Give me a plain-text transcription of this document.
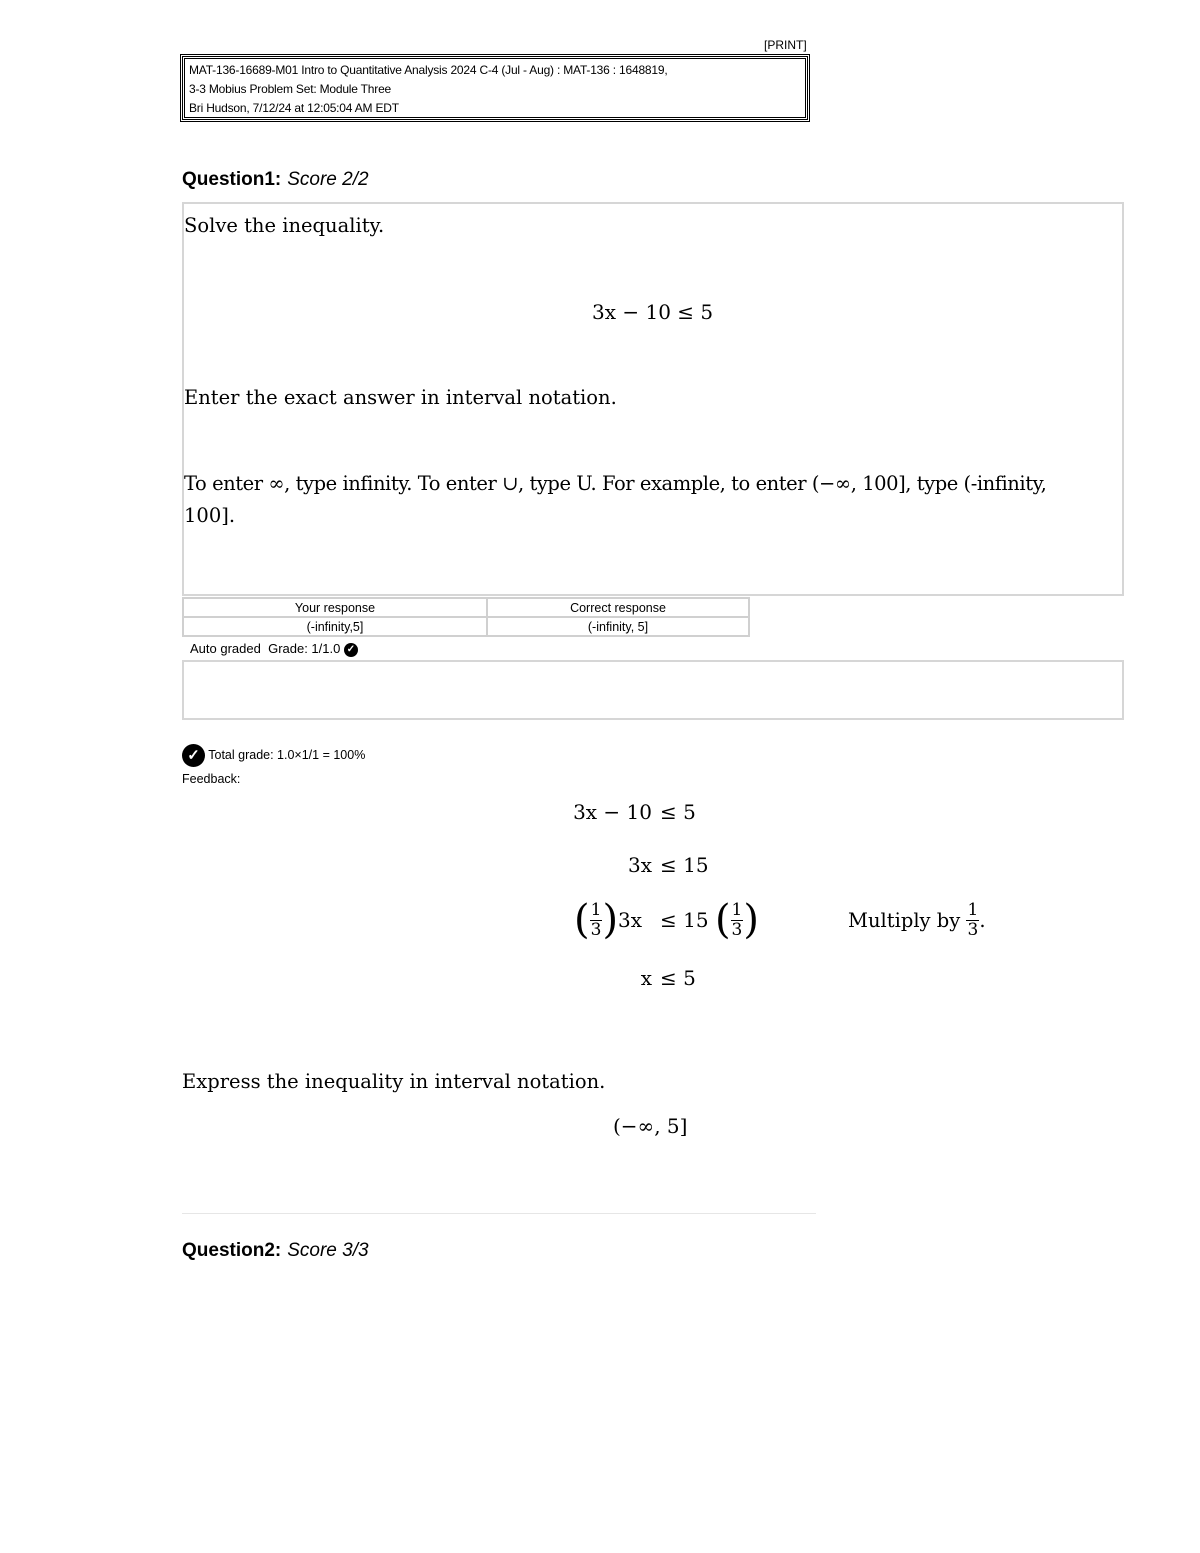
[PRINT]
MAT-136-16689-M01 Intro to Quantitative Analysis 2024 C-4 (Jul - Aug) : MAT-136 : 1648819,
3-3 Mobius Problem Set: Module Three
Bri Hudson, 7/12/24 at 12:05:04 AM EDT
Question1: Score 2/2
Solve the inequality.
3x − 10 ≤ 5
Enter the exact answer in interval notation.
To enter ∞, type infinity. To enter ∪, type U. For example, to enter (−∞, 100], type (-infinity,
100].
Your response	Correct response
(-infinity,5]	(-infinity, 5]
Auto graded Grade: 1/1.0 ✓
✓ Total grade: 1.0×1/1 = 100%
Feedback:
3x − 10 ≤ 5
3x ≤ 15
( $\frac{1}{3}$ ) 3x ≤ 15
( $\frac{1}{3}$ )	Multiply by
$\frac{1}{3}$ .
x ≤ 5
Express the inequality in interval notation.
(−∞, 5]
Question2: Score 3/3
